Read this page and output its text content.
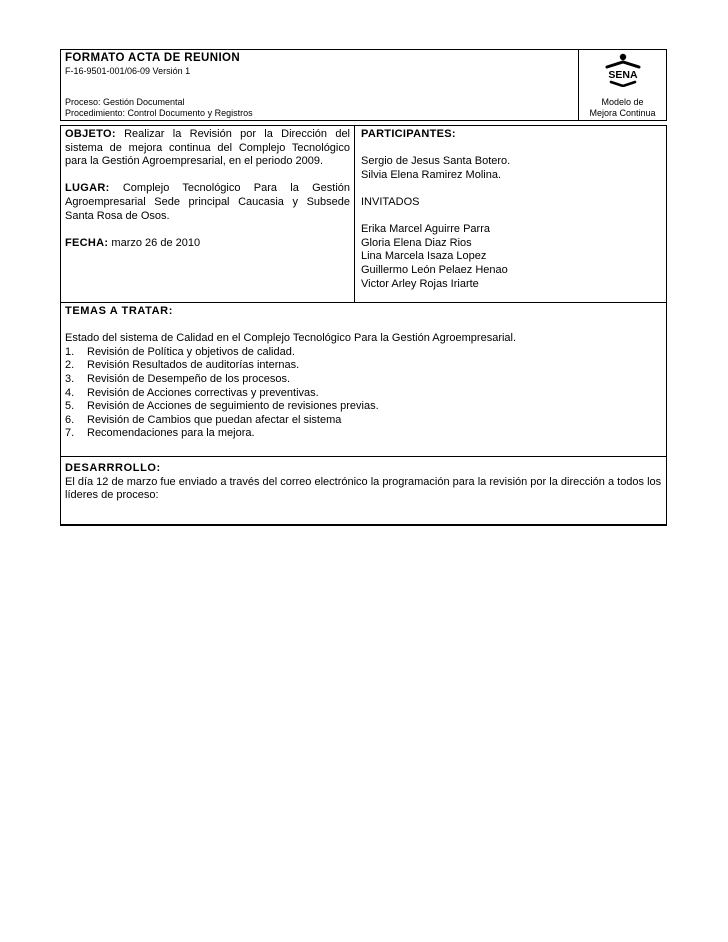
FORMATO ACTA DE REUNION
F-16-9501-001/06-09 Versión 1
Proceso: Gestión Documental
Procedimiento: Control Documento y Registros
SENA
Modelo de
Mejora Continua
OBJETO: Realizar la Revisión por la Dirección del sistema de mejora continua del Complejo Tecnológico para la Gestión Agroempresarial, en el periodo 2009.
LUGAR: Complejo Tecnológico Para la Gestión Agroempresarial Sede principal Caucasia y Subsede Santa Rosa de Osos.
FECHA: marzo 26 de 2010
PARTICIPANTES:
Sergio de Jesus Santa Botero.
Silvia Elena Ramirez Molina.
INVITADOS
Erika Marcel Aguirre Parra
Gloria Elena Diaz Rios
Lina Marcela Isaza Lopez
Guillermo León Pelaez Henao
Victor Arley Rojas Iriarte
TEMAS A TRATAR:
Estado del sistema de Calidad en el Complejo Tecnológico Para la Gestión Agroempresarial.
1.	Revisión de Política y objetivos de calidad.
2.	Revisión Resultados de auditorías internas.
3.	Revisión de Desempeño de los procesos.
4.	Revisión de Acciones correctivas y preventivas.
5.	Revisión de Acciones de seguimiento de revisiones previas.
6.	Revisión de Cambios que puedan afectar el sistema
7.	Recomendaciones para la mejora.
DESARRROLLO:
El día 12 de marzo fue enviado a través del correo electrónico la programación para la revisión por la dirección a todos los líderes de proceso:
